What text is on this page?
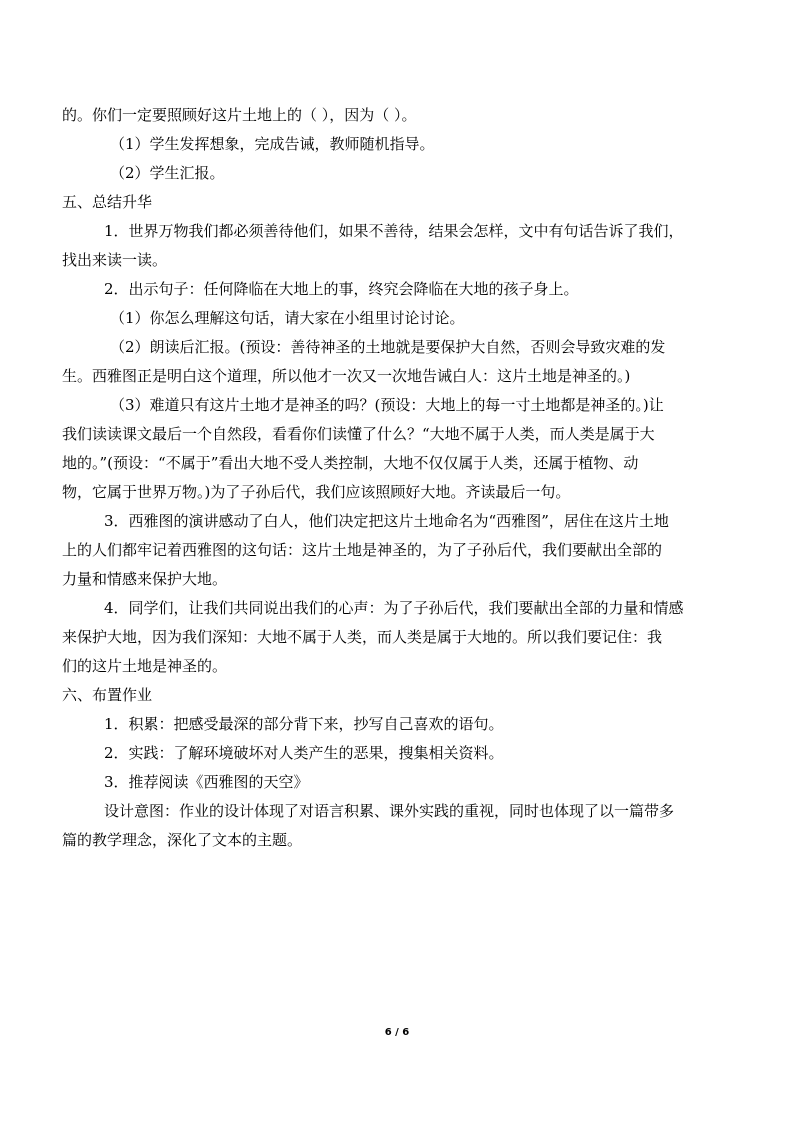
的。你们一定要照顾好这片土地上的（ ），因为（ ）。
（1）学生发挥想象，完成告诫，教师随机指导。
（2）学生汇报。
五、总结升华
1．世界万物我们都必须善待他们，如果不善待，结果会怎样，文中有句话告诉了我们，
找出来读一读。
2．出示句子：任何降临在大地上的事，终究会降临在大地的孩子身上。
（1）你怎么理解这句话，请大家在小组里讨论讨论。
（2）朗读后汇报。(预设：善待神圣的土地就是要保护大自然，否则会导致灾难的发
生。西雅图正是明白这个道理，所以他才一次又一次地告诫白人：这片土地是神圣的。)
（3）难道只有这片土地才是神圣的吗？(预设：大地上的每一寸土地都是神圣的。)让
我们读读课文最后一个自然段，看看你们读懂了什么？“大地不属于人类，而人类是属于大
地的。”(预设：“不属于”看出大地不受人类控制，大地不仅仅属于人类，还属于植物、动
物，它属于世界万物。)为了子孙后代，我们应该照顾好大地。齐读最后一句。
3．西雅图的演讲感动了白人，他们决定把这片土地命名为“西雅图”，居住在这片土地
上的人们都牢记着西雅图的这句话：这片土地是神圣的，为了子孙后代，我们要献出全部的
力量和情感来保护大地。
4．同学们，让我们共同说出我们的心声：为了子孙后代，我们要献出全部的力量和情感
来保护大地，因为我们深知：大地不属于人类，而人类是属于大地的。所以我们要记住：我
们的这片土地是神圣的。
六、布置作业
1．积累：把感受最深的部分背下来，抄写自己喜欢的语句。
2．实践：了解环境破坏对人类产生的恶果，搜集相关资料。
3．推荐阅读《西雅图的天空》
设计意图：作业的设计体现了对语言积累、课外实践的重视，同时也体现了以一篇带多
篇的教学理念，深化了文本的主题。
6 / 6
